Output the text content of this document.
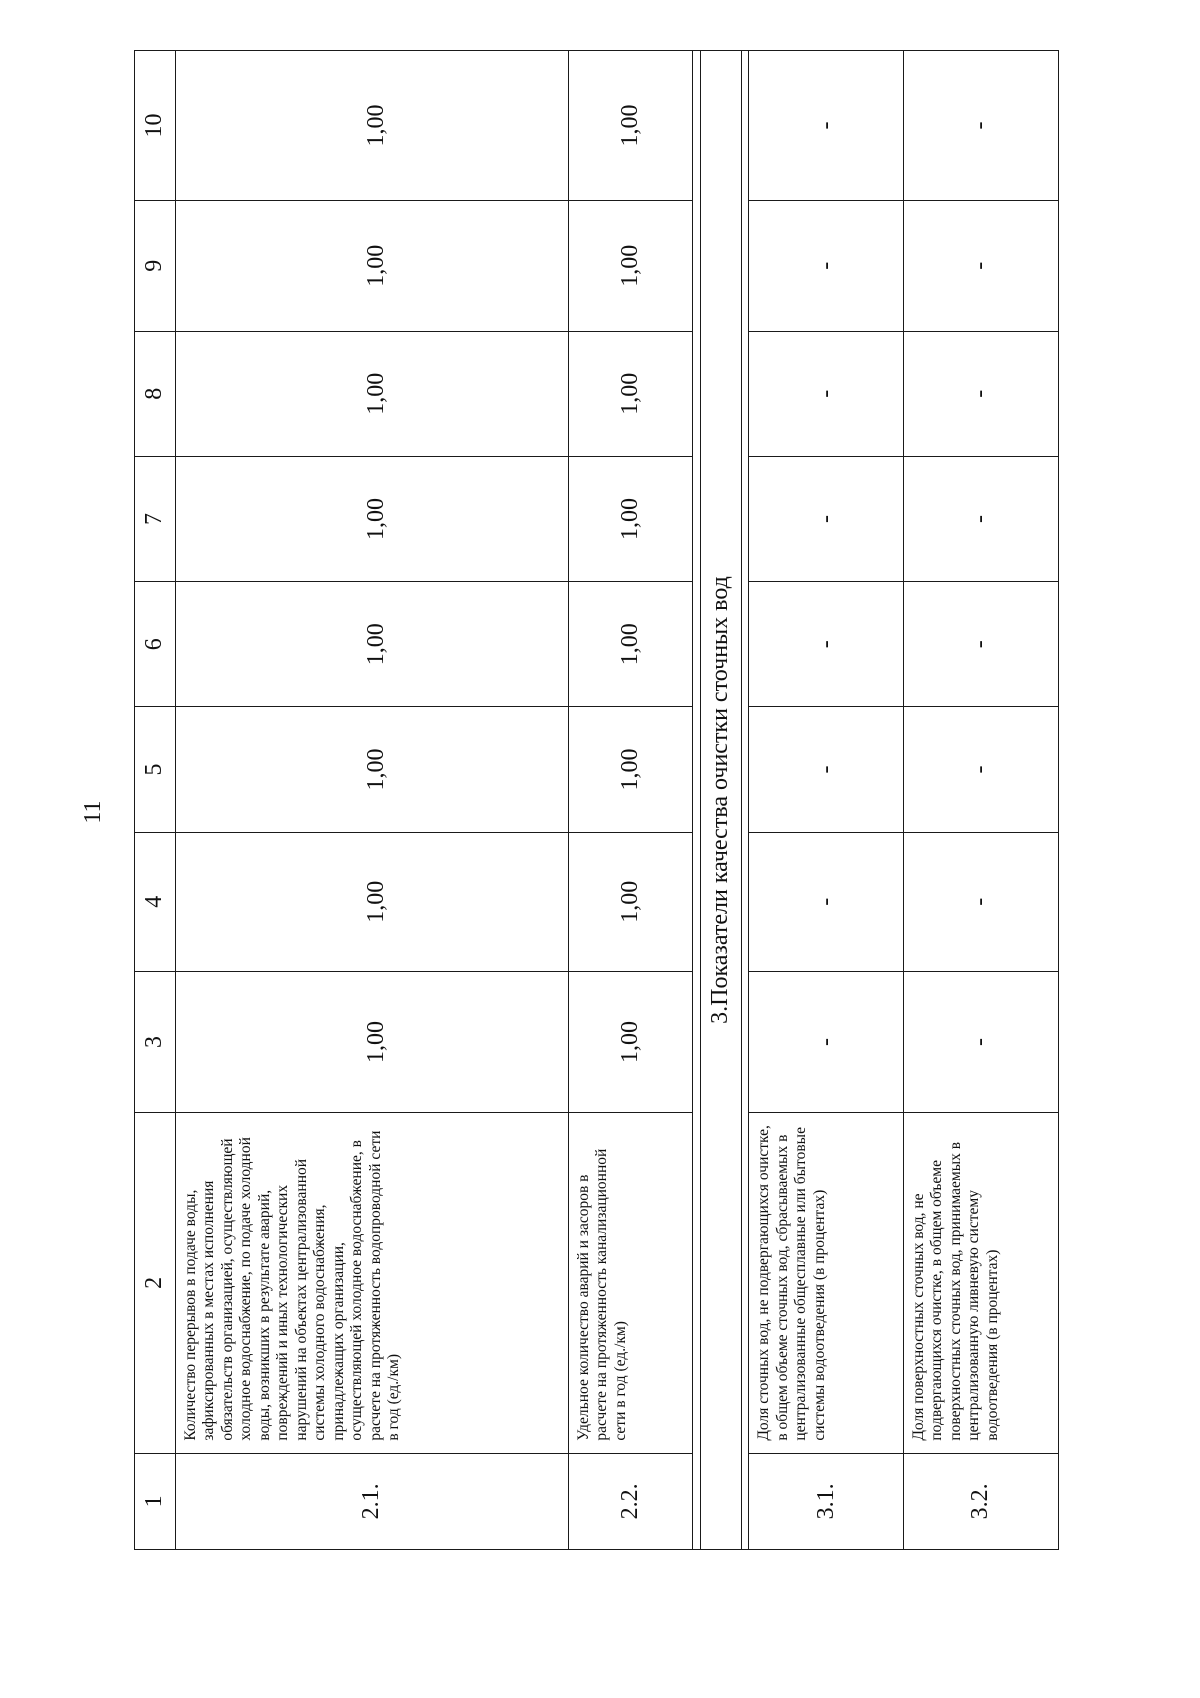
11
1	2	3	4	5	6	7	8	9	10
2.1.	Количество перерывов в подаче воды, зафиксированных в местах исполнения обязательств организацией, осуществляющей холодное водоснабжение, по подаче холодной воды, возникших в результате аварий, повреждений и иных технологических нарушений на объектах централизованной системы холодного водоснабжения, принадлежащих организации, осуществляющей холодное водоснабжение, в расчете на протяженность водопроводной сети в год (ед./км)	1,00	1,00	1,00	1,00	1,00	1,00	1,00	1,00
2.2.	Удельное количество аварий и засоров в расчете на протяженность канализационной сети в год (ед./км)	1,00	1,00	1,00	1,00	1,00	1,00	1,00	1,00

3.Показатели качества очистки сточных вод									

3.1.	Доля сточных вод, не подвергающихся очистке, в общем объеме сточных вод, сбрасываемых в централизованные общесплавные или бытовые системы водоотведения (в процентах)	-	-	-	-	-	-	-	-
3.2.	Доля поверхностных сточных вод, не подвергающихся очистке, в общем объеме поверхностных сточных вод, принимаемых в централизованную ливневую систему водоотведения (в процентах)	-	-	-	-	-	-	-	-
